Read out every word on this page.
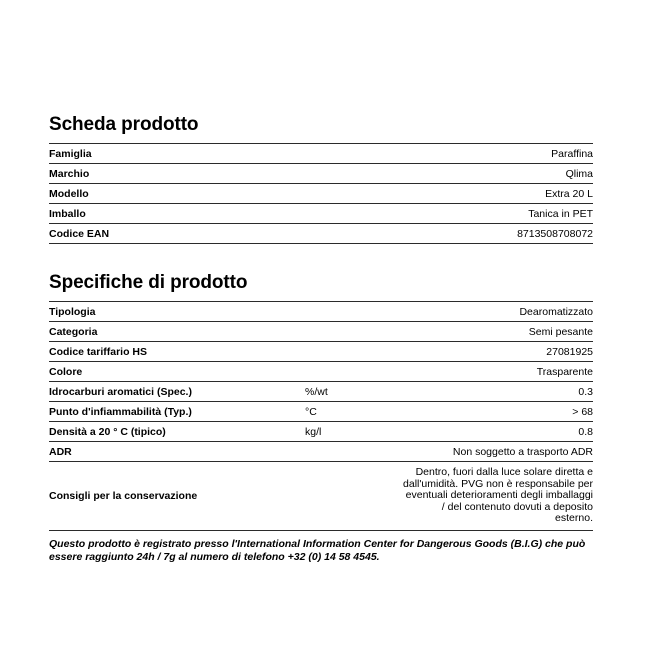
Scheda prodotto
Famiglia		Paraffina
Marchio		Qlima
Modello		Extra 20 L
Imballo		Tanica in PET
Codice EAN		8713508708072
Specifiche di prodotto
Tipologia		Dearomatizzato
Categoria		Semi pesante
Codice tariffario HS		27081925
Colore		Trasparente
Idrocarburi aromatici (Spec.)	%/wt	0.3
Punto d'infiammabilità (Typ.)	°C	> 68
Densità a 20 ° C (tipico)	kg/l	0.8
ADR		Non soggetto a trasporto ADR
Consigli per la conservazione		Dentro, fuori dalla luce solare diretta e dall'umidità. PVG non è responsabile per eventuali deterioramenti degli imballaggi / del contenuto dovuti a deposito esterno.
Questo prodotto è registrato presso l'International Information Center for Dangerous Goods (B.I.G) che può essere raggiunto 24h / 7g al numero di telefono +32 (0) 14 58 4545.
